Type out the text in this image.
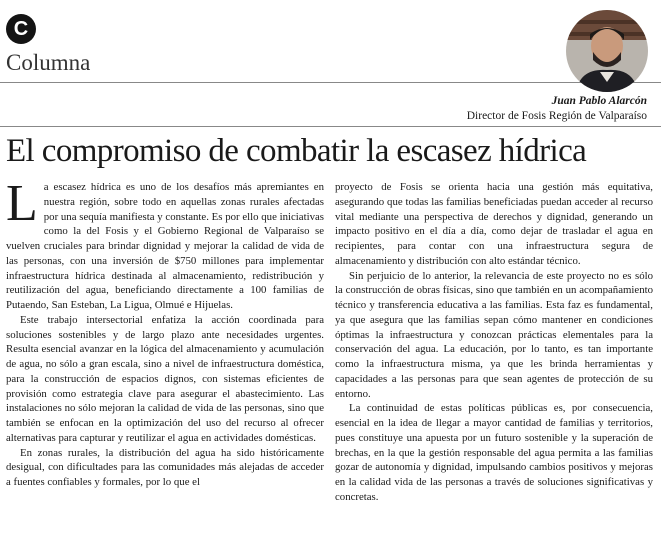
C
Columna
Juan Pablo Alarcón
Director de Fosis Región de Valparaíso
El compromiso de combatir la escasez hídrica

La escasez hídrica es uno de los desafíos más apremiantes en nuestra región, sobre todo en aquellas zonas rurales afectadas por una sequía manifiesta y constante. Es por ello que iniciativas como la del Fosis y el Gobierno Regional de Valparaíso se vuelven cruciales para brindar dignidad y mejorar la calidad de vida de las personas, con una inversión de $750 millones para implementar infraestructura hídrica destinada al almacenamiento, redistribución y reutilización del agua, beneficiando directamente a 100 familias de Putaendo, San Esteban, La Ligua, Olmué e Hijuelas.

Este trabajo intersectorial enfatiza la acción coordinada para soluciones sostenibles y de largo plazo ante necesidades urgentes. Resulta esencial avanzar en la lógica del almacenamiento y acumulación de agua, no sólo a gran escala, sino a nivel de infraestructura doméstica, para la construcción de espacios dignos, con sistemas eficientes de provisión como estrategia clave para asegurar el abastecimiento. Las instalaciones no sólo mejoran la calidad de vida de las personas, sino que también se enfocan en la optimización del uso del recurso al ofrecer alternativas para capturar y reutilizar el agua en actividades domésticas.

En zonas rurales, la distribución del agua ha sido históricamente desigual, con dificultades para las comunidades más alejadas de acceder a fuentes confiables y formales, por lo que el

proyecto de Fosis se orienta hacia una gestión más equitativa, asegurando que todas las familias beneficiadas puedan acceder al recurso vital mediante una perspectiva de derechos y dignidad, generando un impacto positivo en el día a día, como dejar de trasladar el agua en recipientes, para contar con una infraestructura segura de almacenamiento y distribución con alto estándar técnico.

Sin perjuicio de lo anterior, la relevancia de este proyecto no es sólo la construcción de obras físicas, sino que también en un acompañamiento técnico y transferencia educativa a las familias. Esta faz es fundamental, ya que asegura que las familias sepan cómo mantener en condiciones óptimas la infraestructura y conozcan prácticas elementales para la conservación del agua. La educación, por lo tanto, es tan importante como la infraestructura misma, ya que les brinda herramientas y capacidades a las personas para que sean agentes de protección de su entorno.

La continuidad de estas políticas públicas es, por consecuencia, esencial en la idea de llegar a mayor cantidad de familias y territorios, pues constituye una apuesta por un futuro sostenible y la superación de brechas, en la que la gestión responsable del agua permita a las familias gozar de autonomía y dignidad, impulsando cambios positivos y mejoras en la calidad vida de las personas a través de soluciones significativas y concretas.
